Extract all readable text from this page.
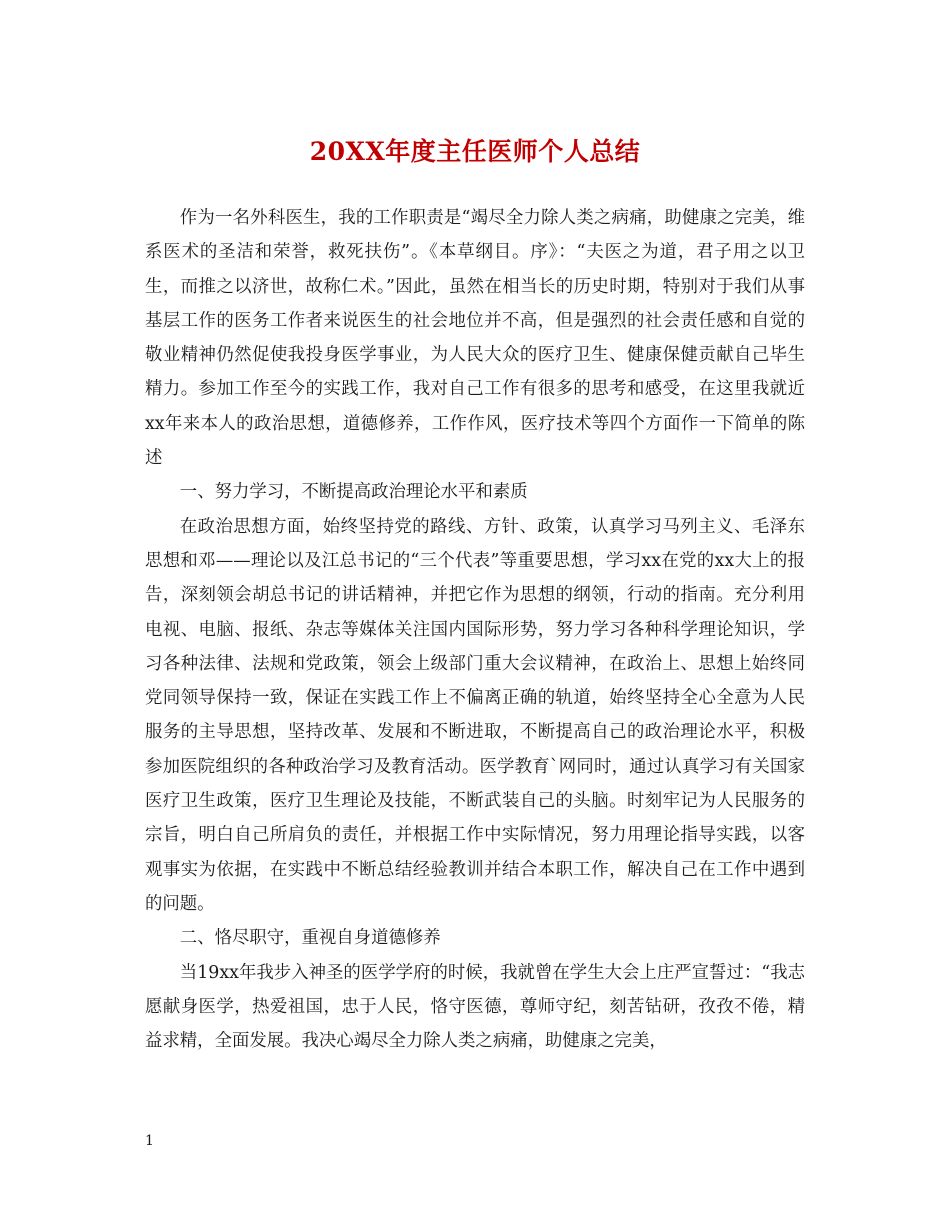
20XX年度主任医师个人总结

作为一名外科医生，我的工作职责是“竭尽全力除人类之病痛，助健康之完美，维系医术的圣洁和荣誉，救死扶伤”。《本草纲目。序》：“夫医之为道，君子用之以卫生，而推之以济世，故称仁术。”因此，虽然在相当长的历史时期，特别对于我们从事基层工作的医务工作者来说医生的社会地位并不高，但是强烈的社会责任感和自觉的敬业精神仍然促使我投身医学事业，为人民大众的医疗卫生、健康保健贡献自己毕生精力。参加工作至今的实践工作，我对自己工作有很多的思考和感受，在这里我就近xx年来本人的政治思想，道德修养，工作作风，医疗技术等四个方面作一下简单的陈述

一、努力学习，不断提高政治理论水平和素质

在政治思想方面，始终坚持党的路线、方针、政策，认真学习马列主义、毛泽东思想和邓——理论以及江总书记的“三个代表”等重要思想，学习xx在党的xx大上的报告，深刻领会胡总书记的讲话精神，并把它作为思想的纲领，行动的指南。充分利用电视、电脑、报纸、杂志等媒体关注国内国际形势，努力学习各种科学理论知识，学习各种法律、法规和党政策，领会上级部门重大会议精神，在政治上、思想上始终同党同领导保持一致，保证在实践工作上不偏离正确的轨道，始终坚持全心全意为人民服务的主导思想，坚持改革、发展和不断进取，不断提高自己的政治理论水平，积极参加医院组织的各种政治学习及教育活动。医学教育`网同时，通过认真学习有关国家医疗卫生政策，医疗卫生理论及技能，不断武装自己的头脑。时刻牢记为人民服务的宗旨，明白自己所肩负的责任，并根据工作中实际情况，努力用理论指导实践，以客观事实为依据，在实践中不断总结经验教训并结合本职工作，解决自己在工作中遇到的问题。

二、恪尽职守，重视自身道德修养

当19xx年我步入神圣的医学学府的时候，我就曾在学生大会上庄严宣誓过：“我志愿献身医学，热爱祖国，忠于人民，恪守医德，尊师守纪，刻苦钻研，孜孜不倦，精益求精，全面发展。我决心竭尽全力除人类之病痛，助健康之完美，

1
